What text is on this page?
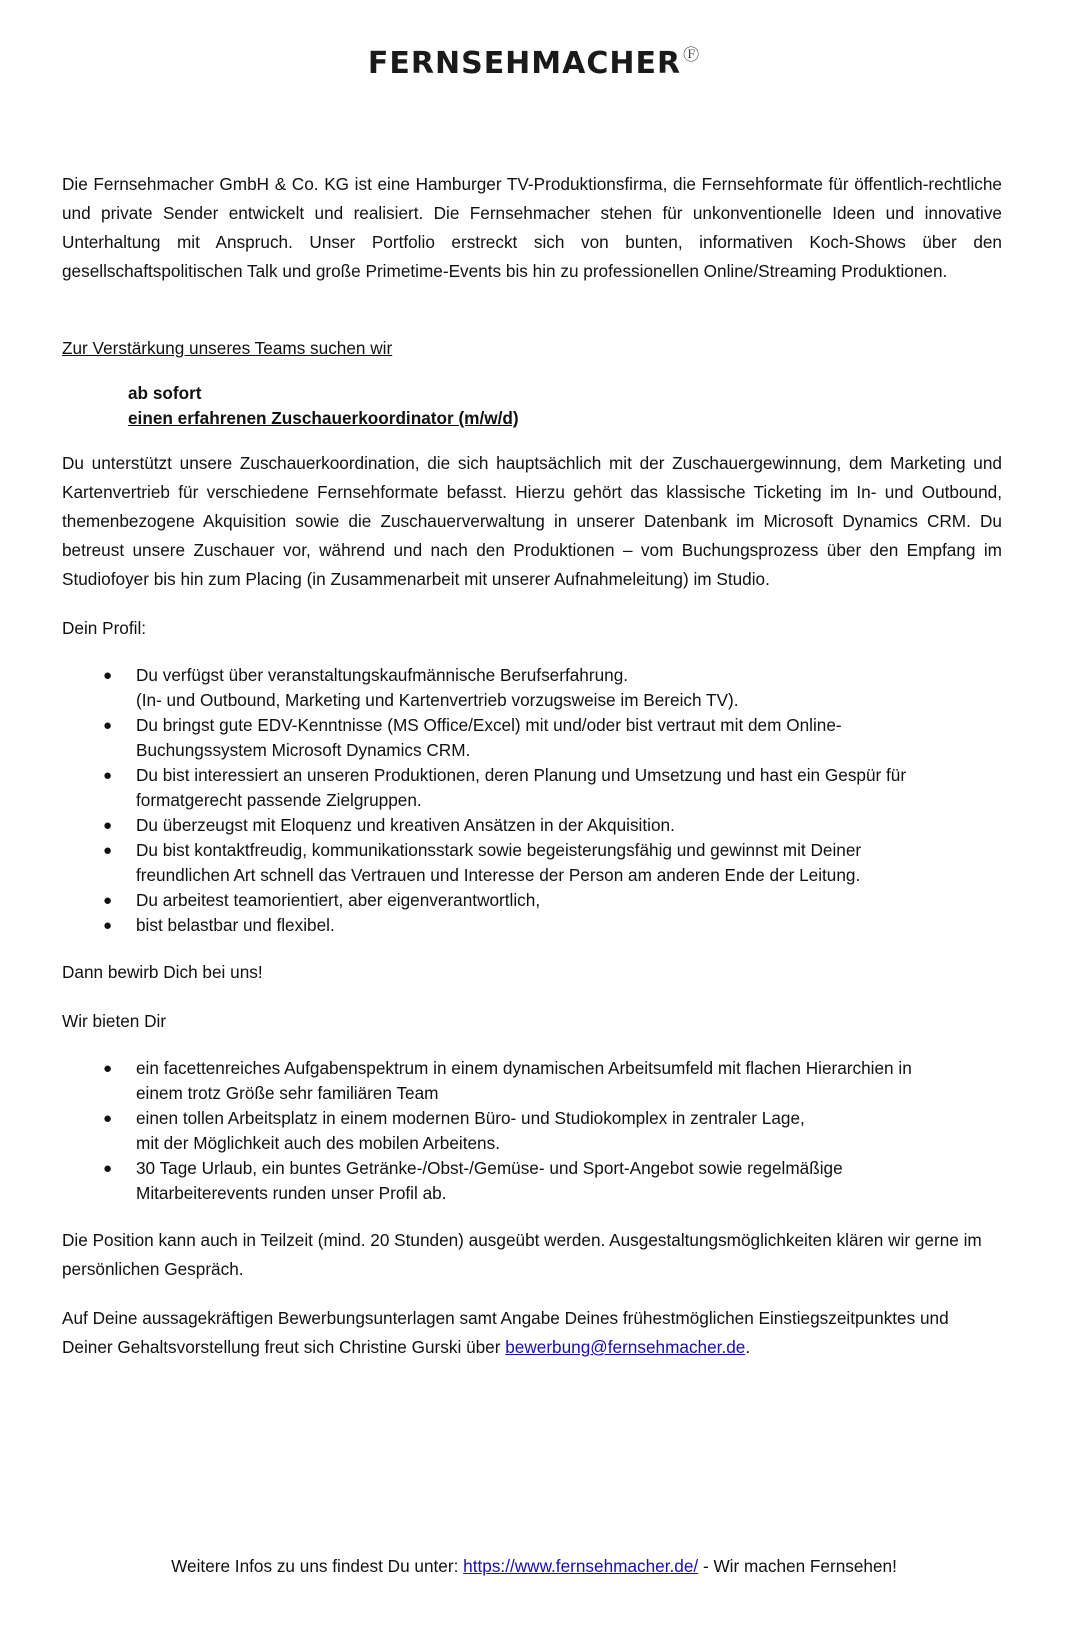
FERNSEHMACHER Ⓕ

Die Fernsehmacher GmbH & Co. KG ist eine Hamburger TV-Produktionsfirma, die Fernsehformate für öffentlich-rechtliche und private Sender entwickelt und realisiert. Die Fernsehmacher stehen für unkonventionelle Ideen und innovative Unterhaltung mit Anspruch. Unser Portfolio erstreckt sich von bunten, informativen Koch-Shows über den gesellschaftspolitischen Talk und große Primetime-Events bis hin zu professionellen Online/Streaming Produktionen.

Zur Verstärkung unseres Teams suchen wir

ab sofort
einen erfahrenen Zuschauerkoordinator (m/w/d)

Du unterstützt unsere Zuschauerkoordination, die sich hauptsächlich mit der Zuschauergewinnung, dem Marketing und Kartenvertrieb für verschiedene Fernsehformate befasst. Hierzu gehört das klassische Ticketing im In- und Outbound, themenbezogene Akquisition sowie die Zuschauerverwaltung in unserer Datenbank im Microsoft Dynamics CRM. Du betreust unsere Zuschauer vor, während und nach den Produktionen – vom Buchungsprozess über den Empfang im Studiofoyer bis hin zum Placing (in Zusammenarbeit mit unserer Aufnahmeleitung) im Studio.

Dein Profil:

● Du verfügst über veranstaltungskaufmännische Berufserfahrung.
(In- und Outbound, Marketing und Kartenvertrieb vorzugsweise im Bereich TV).
● Du bringst gute EDV-Kenntnisse (MS Office/Excel) mit und/oder bist vertraut mit dem Online-
Buchungssystem Microsoft Dynamics CRM.
● Du bist interessiert an unseren Produktionen, deren Planung und Umsetzung und hast ein Gespür für
formatgerecht passende Zielgruppen.
● Du überzeugst mit Eloquenz und kreativen Ansätzen in der Akquisition.
● Du bist kontaktfreudig, kommunikationsstark sowie begeisterungsfähig und gewinnst mit Deiner
freundlichen Art schnell das Vertrauen und Interesse der Person am anderen Ende der Leitung.
● Du arbeitest teamorientiert, aber eigenverantwortlich,
● bist belastbar und flexibel.

Dann bewirb Dich bei uns!

Wir bieten Dir

● ein facettenreiches Aufgabenspektrum in einem dynamischen Arbeitsumfeld mit flachen Hierarchien in
einem trotz Größe sehr familiären Team
● einen tollen Arbeitsplatz in einem modernen Büro- und Studiokomplex in zentraler Lage,
mit der Möglichkeit auch des mobilen Arbeitens.
● 30 Tage Urlaub, ein buntes Getränke-/Obst-/Gemüse- und Sport-Angebot sowie regelmäßige
Mitarbeiterevents runden unser Profil ab.

Die Position kann auch in Teilzeit (mind. 20 Stunden) ausgeübt werden. Ausgestaltungsmöglichkeiten klären wir gerne im persönlichen Gespräch.

Auf Deine aussagekräftigen Bewerbungsunterlagen samt Angabe Deines frühestmöglichen Einstiegszeitpunktes und Deiner Gehaltsvorstellung freut sich Christine Gurski über bewerbung@fernsehmacher.de.

Weitere Infos zu uns findest Du unter: https://www.fernsehmacher.de/ - Wir machen Fernsehen!
